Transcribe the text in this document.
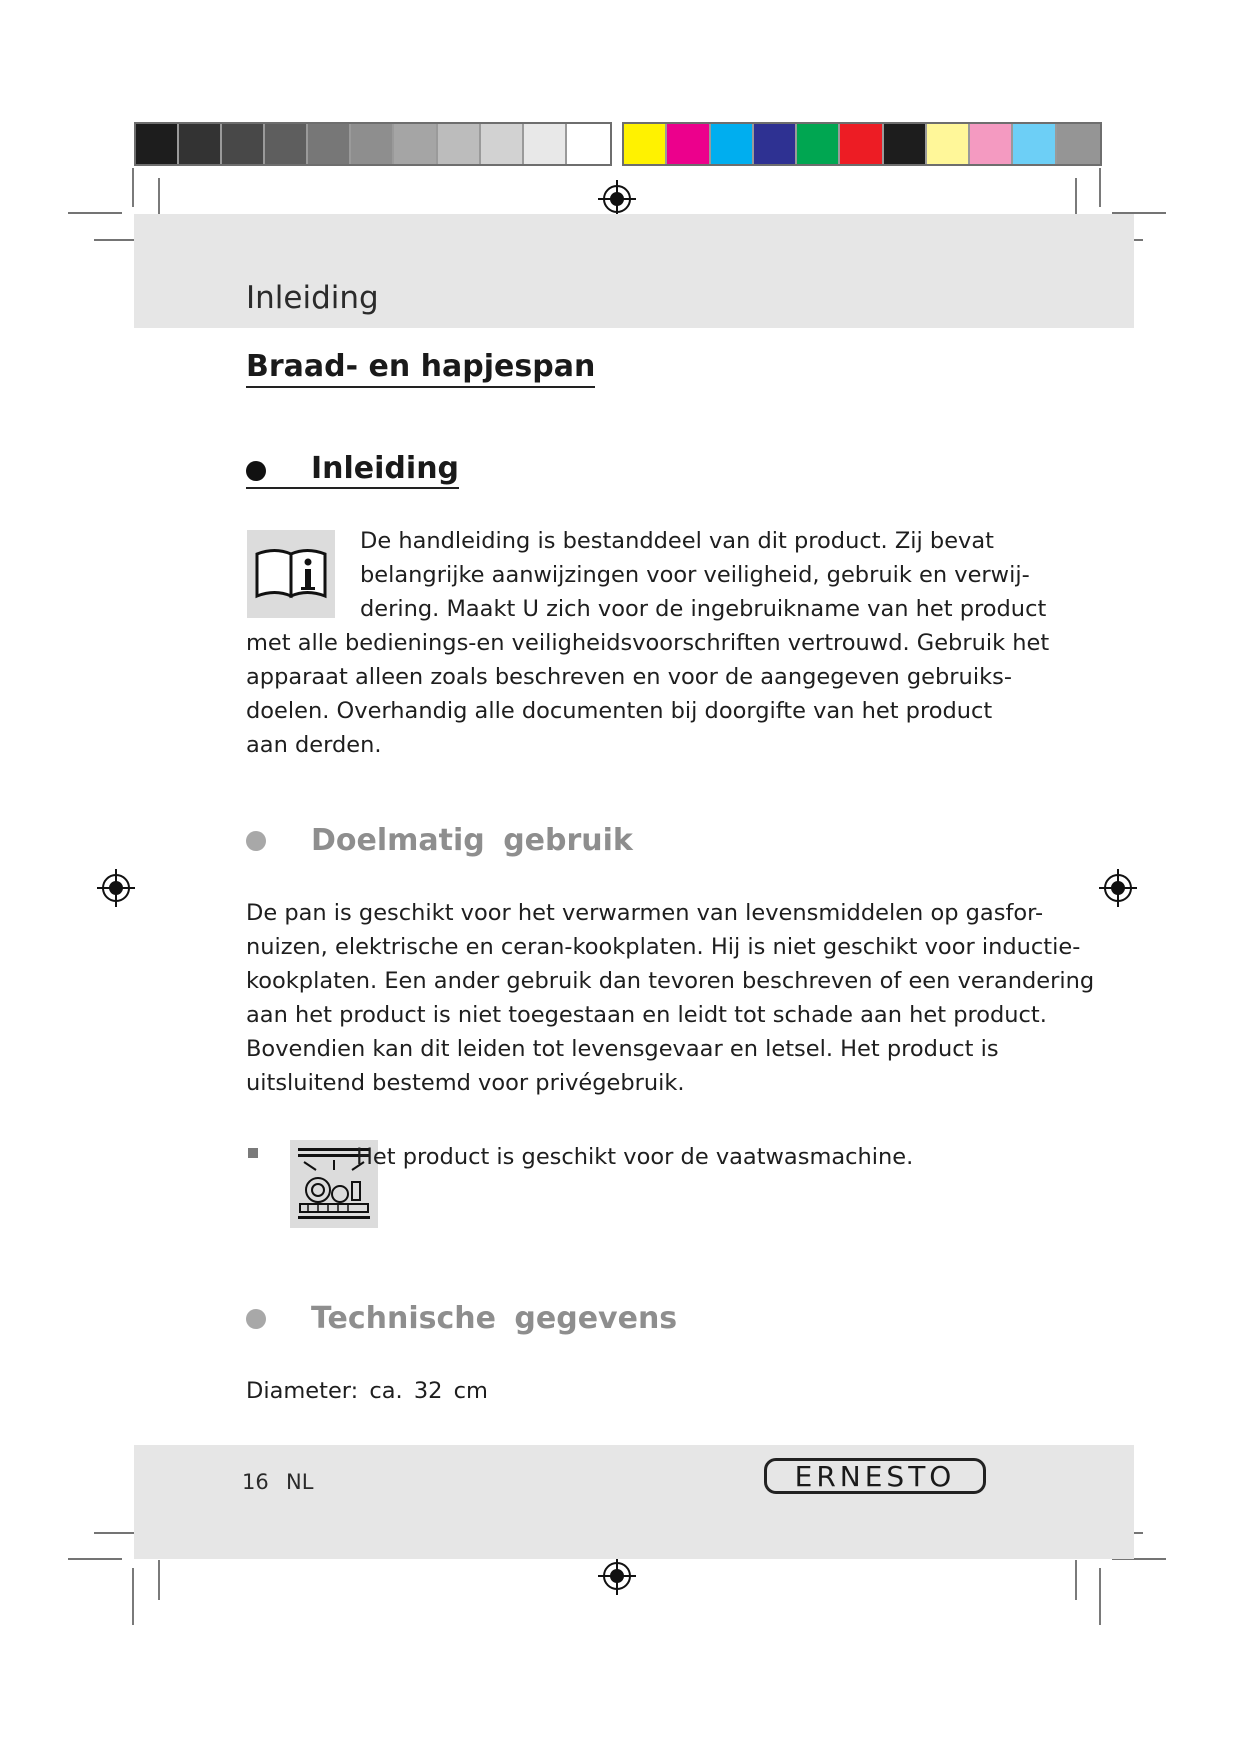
Inleiding
Braad- en hapjespan
Inleiding
De handleiding is bestanddeel van dit product. Zij bevat
belangrijke aanwijzingen voor veiligheid, gebruik en verwij-
dering. Maakt U zich voor de ingebruikname van het product
met alle bedienings-en veiligheidsvoorschriften vertrouwd. Gebruik het
apparaat alleen zoals beschreven en voor de aangegeven gebruiks-
doelen. Overhandig alle documenten bij doorgifte van het product
aan derden.
Doelmatig gebruik
De pan is geschikt voor het verwarmen van levensmiddelen op gasfor-
nuizen, elektrische en ceran-kookplaten. Hij is niet geschikt voor inductie-
kookplaten. Een ander gebruik dan tevoren beschreven of een verandering
aan het product is niet toegestaan en leidt tot schade aan het product.
Bovendien kan dit leiden tot levensgevaar en letsel. Het product is
uitsluitend bestemd voor privégebruik.
Het product is geschikt voor de vaatwasmachine.
Technische gegevens
Diameter: ca. 32 cm
16 NL	ERNESTO
